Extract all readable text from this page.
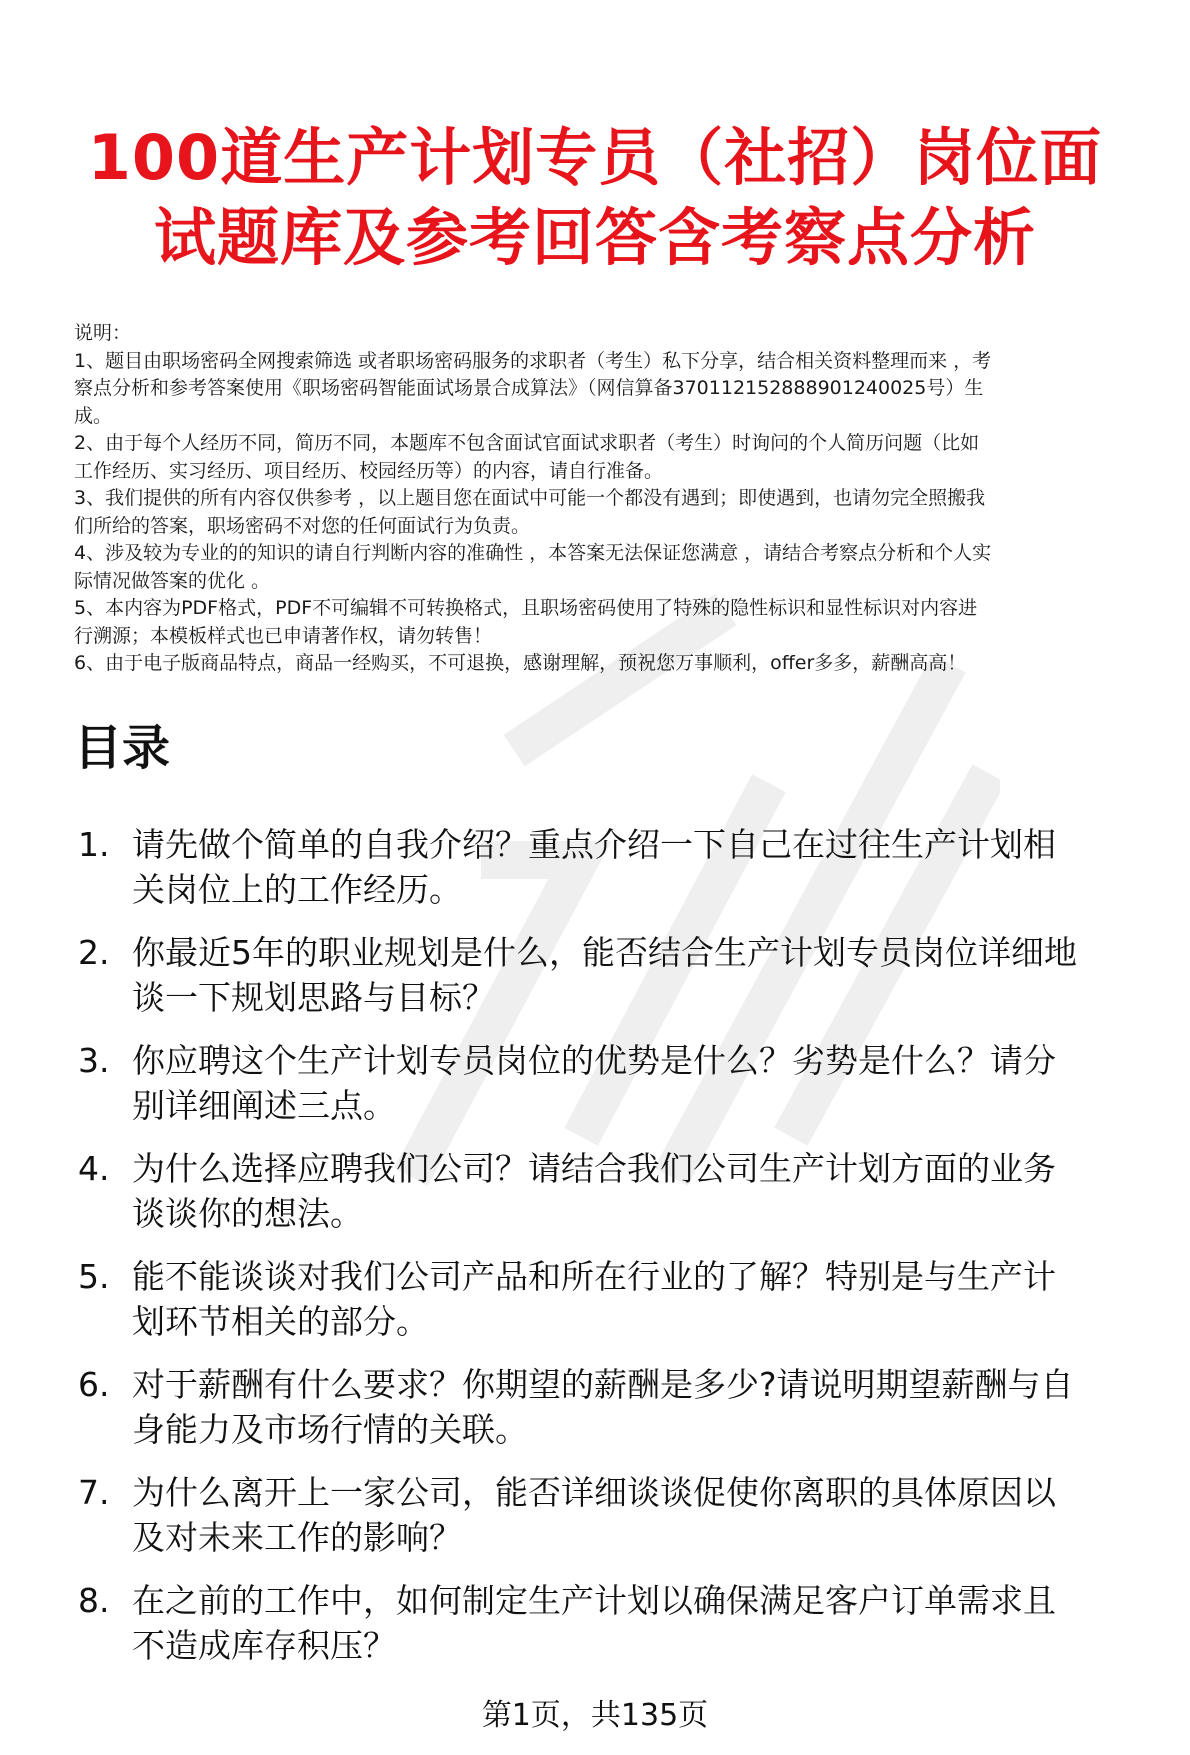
100道生产计划专员（社招）岗位面
试题库及参考回答含考察点分析
说明：
1、题目由职场密码全网搜索筛选 或者职场密码服务的求职者（考生）私下分享，结合相关资料整理而来 ，考
察点分析和参考答案使用《职场密码智能面试场景合成算法》（网信算备370112152888901240025号）生
成。
2、由于每个人经历不同，简历不同，本题库不包含面试官面试求职者（考生）时询问的个人简历问题（比如
工作经历、实习经历、项目经历、校园经历等）的内容，请自行准备。
3、我们提供的所有内容仅供参考 ，以上题目您在面试中可能一个都没有遇到；即使遇到，也请勿完全照搬我
们所给的答案，职场密码不对您的任何面试行为负责。
4、涉及较为专业的的知识的请自行判断内容的准确性 ，本答案无法保证您满意 ，请结合考察点分析和个人实
际情况做答案的优化 。
5、本内容为PDF格式，PDF不可编辑不可转换格式，且职场密码使用了特殊的隐性标识和显性标识对内容进
行溯源；本模板样式也已申请著作权，请勿转售！
6、由于电子版商品特点，商品一经购买，不可退换，感谢理解，预祝您万事顺利，offer多多，薪酬高高！
目录
1. 请先做个简单的自我介绍？重点介绍一下自己在过往生产计划相
关岗位上的工作经历。
2. 你最近5年的职业规划是什么，能否结合生产计划专员岗位详细地
谈一下规划思路与目标？
3. 你应聘这个生产计划专员岗位的优势是什么？劣势是什么？请分
别详细阐述三点。
4. 为什么选择应聘我们公司？请结合我们公司生产计划方面的业务
谈谈你的想法。
5. 能不能谈谈对我们公司产品和所在行业的了解？特别是与生产计
划环节相关的部分。
6. 对于薪酬有什么要求？你期望的薪酬是多少?请说明期望薪酬与自
身能力及市场行情的关联。
7. 为什么离开上一家公司，能否详细谈谈促使你离职的具体原因以
及对未来工作的影响？
8. 在之前的工作中，如何制定生产计划以确保满足客户订单需求且
不造成库存积压？
第1页，共135页
